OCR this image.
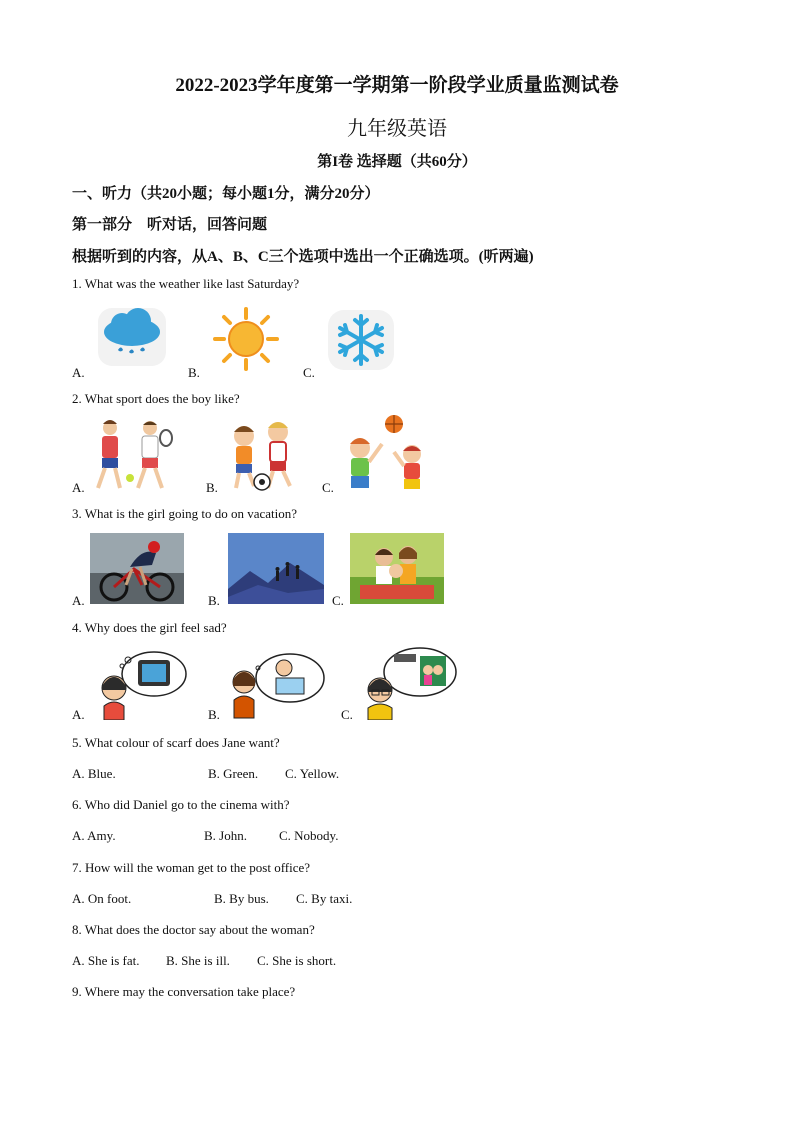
2022-2023学年度第一学期第一阶段学业质量监测试卷
九年级英语
第I卷 选择题（共60分）
一、听力（共20小题；每小题1分，满分20分）
第一部分　听对话，回答问题
根据听到的内容，从A、B、C三个选项中选出一个正确选项。(听两遍)
1. What was the weather like last Saturday?
A.	B.	C.
2. What sport does the boy like?
A.	B.	C.
3. What is the girl going to do on vacation?
A.	B.	C.
4. Why does the girl feel sad?
A.	B.	C.
5. What colour of scarf does Jane want?
A. Blue.	B. Green. C. Yellow.
6. Who did Daniel go to the cinema with?
A. Amy.	B. John. C. Nobody.
7. How will the woman get to the post office?
A. On foot.	B. By bus. C. By taxi.
8. What does the doctor say about the woman?
A. She is fat. B. She is ill. C. She is short.
9. Where may the conversation take place?
